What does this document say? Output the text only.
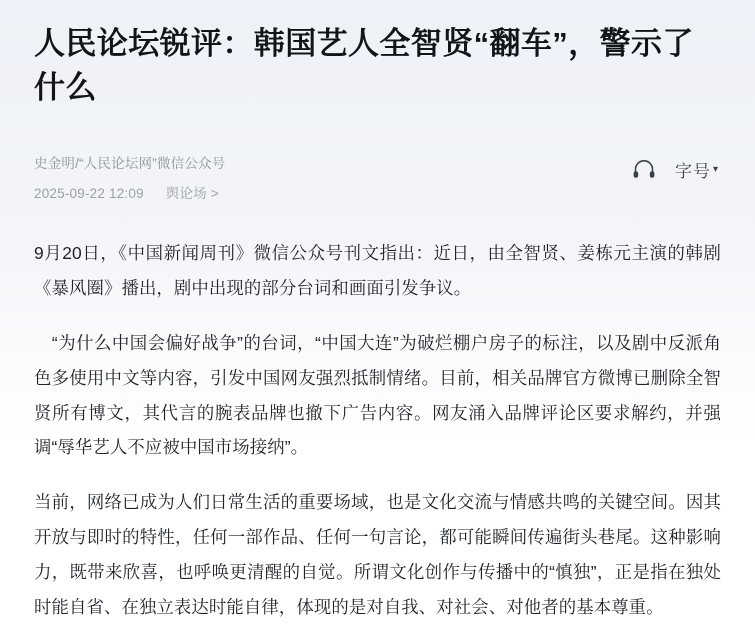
人民论坛锐评：韩国艺人全智贤“翻车”，警示了什么
史金明/“人民论坛网”微信公众号
2025-09-22 12:09 舆论场 >
字号 ▾

9月20日，《中国新闻周刊》微信公众号刊文指出：近日，由全智贤、姜栋元主演的韩剧《暴风圈》播出，剧中出现的部分台词和画面引发争议。

　“为什么中国会偏好战争”的台词，“中国大连”为破烂棚户房子的标注，以及剧中反派角色多使用中文等内容，引发中国网友强烈抵制情绪。目前，相关品牌官方微博已删除全智贤所有博文，其代言的腕表品牌也撤下广告内容。网友涌入品牌评论区要求解约，并强调“辱华艺人不应被中国市场接纳”。

当前，网络已成为人们日常生活的重要场域，也是文化交流与情感共鸣的关键空间。因其开放与即时的特性，任何一部作品、任何一句言论，都可能瞬间传遍街头巷尾。这种影响力，既带来欣喜，也呼唤更清醒的自觉。所谓文化创作与传播中的“慎独”，正是指在独处时能自省、在独立表达时能自律，体现的是对自我、对社会、对他者的基本尊重。
